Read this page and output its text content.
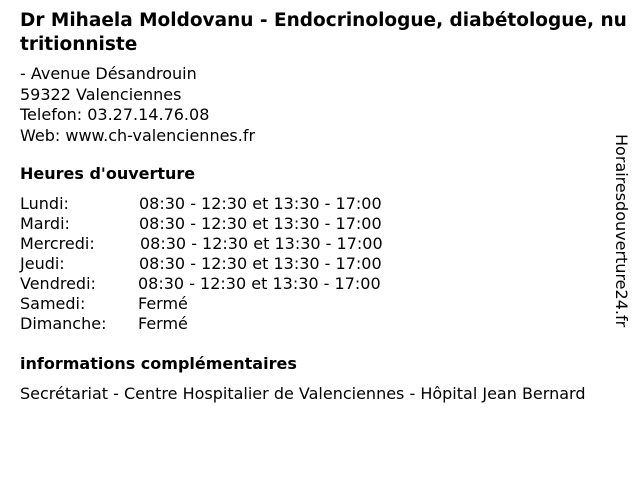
Dr Mihaela Moldovanu - Endocrinologue, diabétologue, nutritionniste
- Avenue Désandrouin
59322 Valenciennes
Telefon: 03.27.14.76.08
Web: www.ch-valenciennes.fr
Heures d'ouverture
Lundi:	08:30 - 12:30 et 13:30 - 17:00
Mardi:	08:30 - 12:30 et 13:30 - 17:00
Mercredi:	08:30 - 12:30 et 13:30 - 17:00
Jeudi:	08:30 - 12:30 et 13:30 - 17:00
Vendredi:	08:30 - 12:30 et 13:30 - 17:00
Samedi:	Fermé
Dimanche: Fermé
informations complémentaires
Secrétariat - Centre Hospitalier de Valenciennes - Hôpital Jean Bernard
Horairesdouverture24.fr
